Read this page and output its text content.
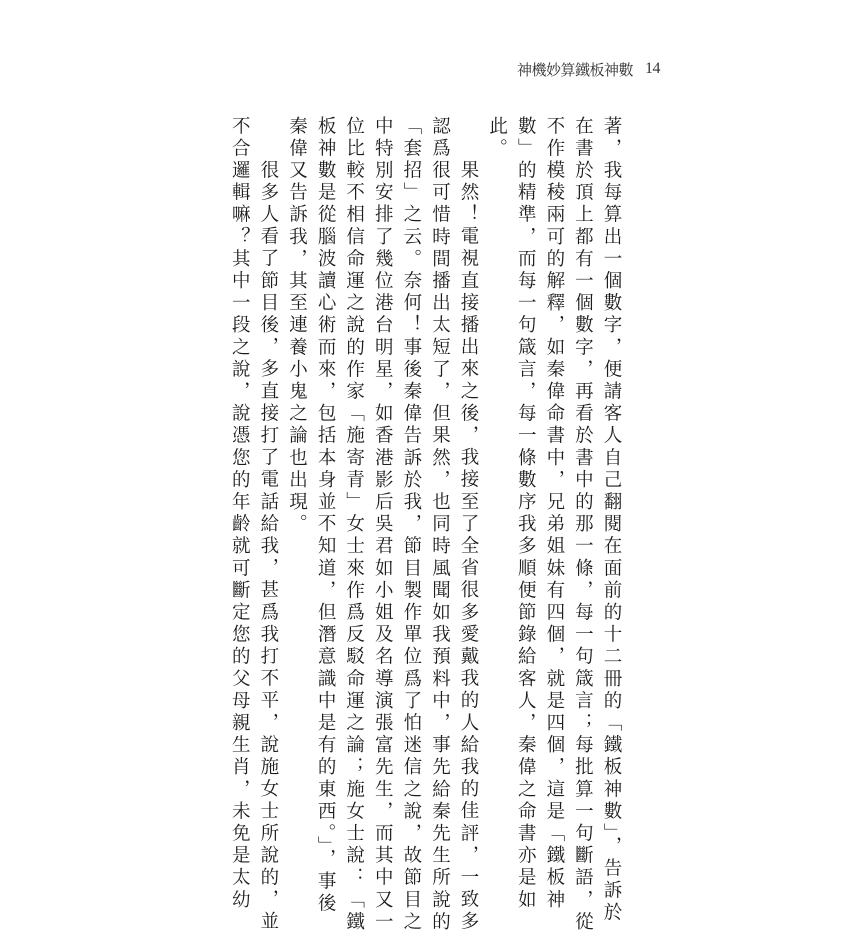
神機妙算鐵板神數 14
著，我每算出一個數字，便請客人自己翻閱在面前的十二冊的「鐵板神數」，告訴於
在書於頂上都有一個數字，再看於書中的那一條，每一句箴言；每批算一句斷語，從
不作模稜兩可的解釋，如秦偉命書中，兄弟姐妹有四個，就是四個，這是「鐵板神
數」的精準，而每一句箴言，每一條數序我多順便節錄給客人，秦偉之命書亦是如
此。
果然！電視直接播出來之後，我接至了全省很多愛戴我的人給我的佳評，一致多
認爲很可惜時間播出太短了，但果然，也同時風聞如我預料中，事先給秦先生所說的
「套招」之云。奈何！事後秦偉告訴於我，節目製作單位爲了怕迷信之說，故節目之
中特別安排了幾位港台明星，如香港影后吳君如小姐及名導演張富先生，而其中又一
位比較不相信命運之說的作家「施寄青」女士來作爲反駁命運之論；施女士說：「鐵
板神數是從腦波讀心術而來，包括本身並不知道，但潛意識中是有的東西。」，事後
秦偉又告訴我，其至連養小鬼之論也出現。
很多人看了節目後，多直接打了電話給我，甚爲我打不平，說施女士所說的，並
不合邏輯嘛？其中一段之說，說憑您的年齡就可斷定您的父母親生肖，未免是太幼
